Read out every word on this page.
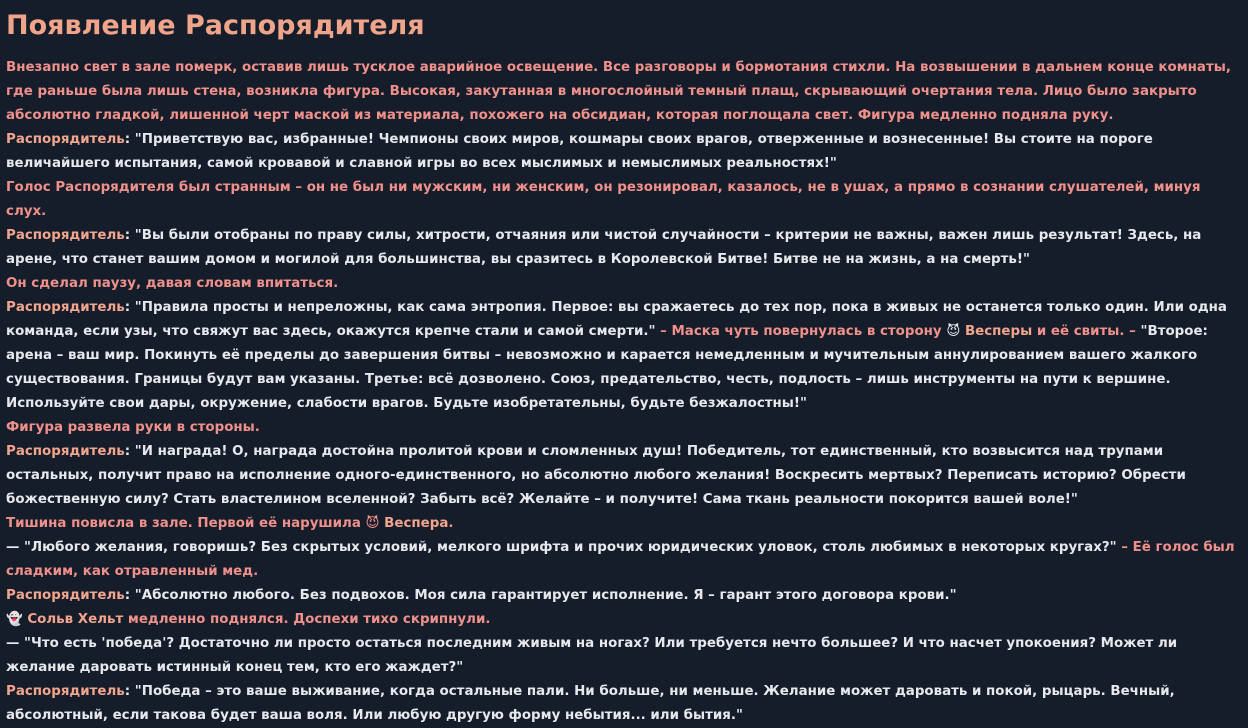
Появление Распорядителя

Внезапно свет в зале померк, оставив лишь тусклое аварийное освещение. Все разговоры и бормотания стихли. На возвышении в дальнем конце комнаты, где раньше была лишь стена, возникла фигура. Высокая, закутанная в многослойный темный плащ, скрывающий очертания тела. Лицо было закрыто абсолютно гладкой, лишенной черт маской из материала, похожего на обсидиан, которая поглощала свет. Фигура медленно подняла руку.

Распорядитель: "Приветствую вас, избранные! Чемпионы своих миров, кошмары своих врагов, отверженные и вознесенные! Вы стоите на пороге величайшего испытания, самой кровавой и славной игры во всех мыслимых и немыслимых реальностях!"

Голос Распорядителя был странным – он не был ни мужским, ни женским, он резонировал, казалось, не в ушах, а прямо в сознании слушателей, минуя слух.

Распорядитель: "Вы были отобраны по праву силы, хитрости, отчаяния или чистой случайности – критерии не важны, важен лишь результат! Здесь, на арене, что станет вашим домом и могилой для большинства, вы сразитесь в Королевской Битве! Битве не на жизнь, а на смерть!"

Он сделал паузу, давая словам впитаться.

Распорядитель: "Правила просты и непреложны, как сама энтропия. Первое: вы сражаетесь до тех пор, пока в живых не останется только один. Или одна команда, если узы, что свяжут вас здесь, окажутся крепче стали и самой смерти." – Маска чуть повернулась в сторону 😈 Весперы и её свиты. – "Второе: арена – ваш мир. Покинуть её пределы до завершения битвы – невозможно и карается немедленным и мучительным аннулированием вашего жалкого существования. Границы будут вам указаны. Третье: всё дозволено. Союз, предательство, честь, подлость – лишь инструменты на пути к вершине. Используйте свои дары, окружение, слабости врагов. Будьте изобретательны, будьте безжалостны!"

Фигура развела руки в стороны.

Распорядитель: "И награда! О, награда достойна пролитой крови и сломленных душ! Победитель, тот единственный, кто возвысится над трупами остальных, получит право на исполнение одного-единственного, но абсолютно любого желания! Воскресить мертвых? Переписать историю? Обрести божественную силу? Стать властелином вселенной? Забыть всё? Желайте – и получите! Сама ткань реальности покорится вашей воле!"

Тишина повисла в зале. Первой её нарушила 😈 Веспера.

— "Любого желания, говоришь? Без скрытых условий, мелкого шрифта и прочих юридических уловок, столь любимых в некоторых кругах?" – Её голос был сладким, как отравленный мед.

Распорядитель: "Абсолютно любого. Без подвохов. Моя сила гарантирует исполнение. Я – гарант этого договора крови."

👻 Сольв Хельт медленно поднялся. Доспехи тихо скрипнули.

— "Что есть 'победа'? Достаточно ли просто остаться последним живым на ногах? Или требуется нечто большее? И что насчет упокоения? Может ли желание даровать истинный конец тем, кто его жаждет?"

Распорядитель: "Победа – это ваше выживание, когда остальные пали. Ни больше, ни меньше. Желание может даровать и покой, рыцарь. Вечный, абсолютный, если такова будет ваша воля. Или любую другую форму небытия... или бытия."
